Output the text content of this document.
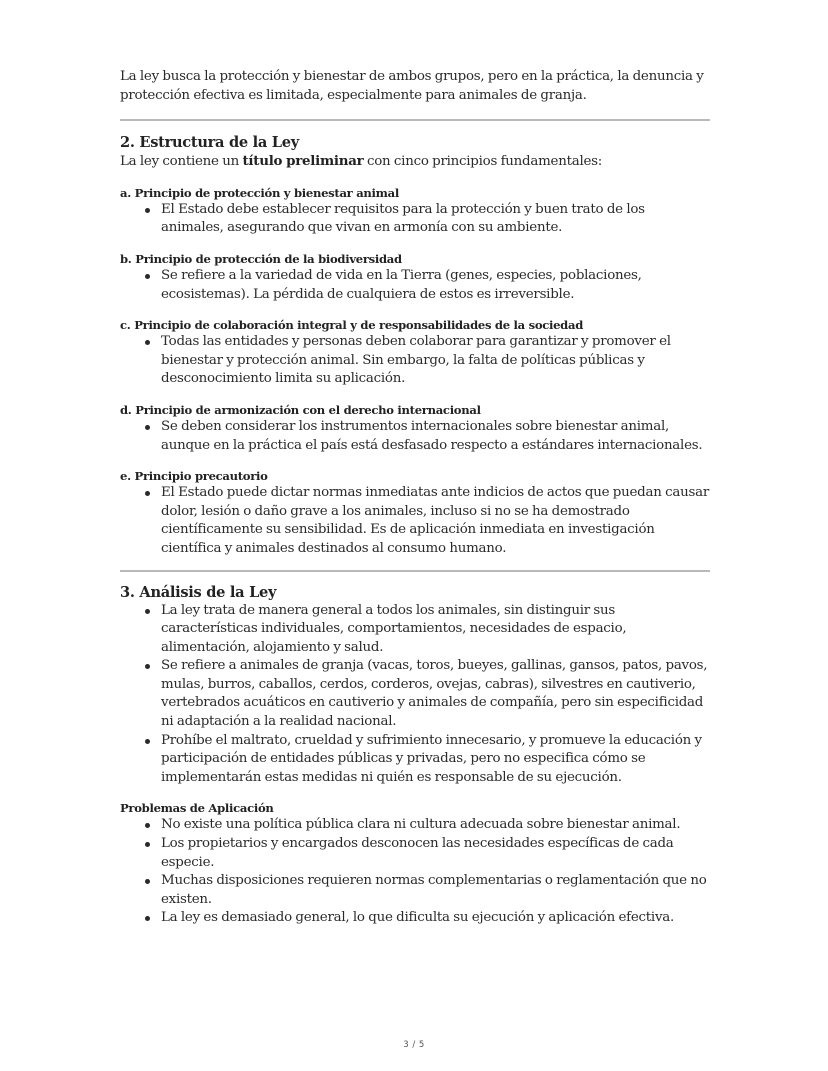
La ley busca la protección y bienestar de ambos grupos, pero en la práctica, la denuncia y protección efectiva es limitada, especialmente para animales de granja.

2. Estructura de la Ley

La ley contiene un título preliminar con cinco principios fundamentales:

a. Principio de protección y bienestar animal
El Estado debe establecer requisitos para la protección y buen trato de los animales, asegurando que vivan en armonía con su ambiente.
b. Principio de protección de la biodiversidad
Se refiere a la variedad de vida en la Tierra (genes, especies, poblaciones, ecosistemas). La pérdida de cualquiera de estos es irreversible.
c. Principio de colaboración integral y de responsabilidades de la sociedad
Todas las entidades y personas deben colaborar para garantizar y promover el bienestar y protección animal. Sin embargo, la falta de políticas públicas y desconocimiento limita su aplicación.
d. Principio de armonización con el derecho internacional
Se deben considerar los instrumentos internacionales sobre bienestar animal, aunque en la práctica el país está desfasado respecto a estándares internacionales.
e. Principio precautorio
El Estado puede dictar normas inmediatas ante indicios de actos que puedan causar dolor, lesión o daño grave a los animales, incluso si no se ha demostrado científicamente su sensibilidad. Es de aplicación inmediata en investigación científica y animales destinados al consumo humano.
3. Análisis de la Ley
La ley trata de manera general a todos los animales, sin distinguir sus características individuales, comportamientos, necesidades de espacio, alimentación, alojamiento y salud.
Se refiere a animales de granja (vacas, toros, bueyes, gallinas, gansos, patos, pavos, mulas, burros, caballos, cerdos, corderos, ovejas, cabras), silvestres en cautiverio, vertebrados acuáticos en cautiverio y animales de compañía, pero sin especificidad ni adaptación a la realidad nacional.
Prohíbe el maltrato, crueldad y sufrimiento innecesario, y promueve la educación y participación de entidades públicas y privadas, pero no especifica cómo se implementarán estas medidas ni quién es responsable de su ejecución.
Problemas de Aplicación
No existe una política pública clara ni cultura adecuada sobre bienestar animal.
Los propietarios y encargados desconocen las necesidades específicas de cada especie.
Muchas disposiciones requieren normas complementarias o reglamentación que no existen.
La ley es demasiado general, lo que dificulta su ejecución y aplicación efectiva.
3 / 5
